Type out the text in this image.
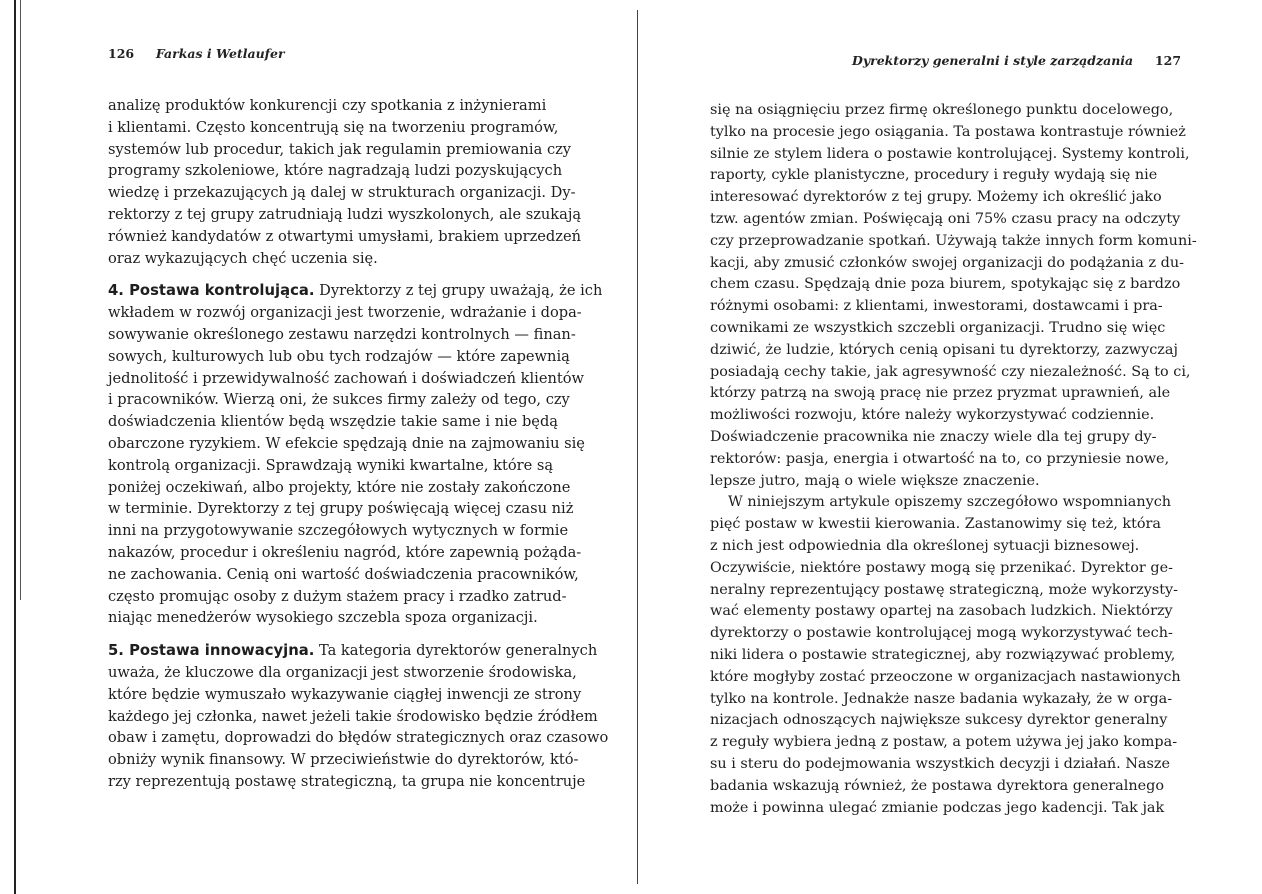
126 Farkas i Wetlaufer
analizę produktów konkurencji czy spotkania z inżynierami
i klientami. Często koncentrują się na tworzeniu programów,
systemów lub procedur, takich jak regulamin premiowania czy
programy szkoleniowe, które nagradzają ludzi pozyskujących
wiedzę i przekazujących ją dalej w strukturach organizacji. Dy-
rektorzy z tej grupy zatrudniają ludzi wyszkolonych, ale szukają
również kandydatów z otwartymi umysłami, brakiem uprzedzeń
oraz wykazujących chęć uczenia się.
4. Postawa kontrolująca. Dyrektorzy z tej grupy uważają, że ich
wkładem w rozwój organizacji jest tworzenie, wdrażanie i dopa-
sowywanie określonego zestawu narzędzi kontrolnych — finan-
sowych, kulturowych lub obu tych rodzajów — które zapewnią
jednolitość i przewidywalność zachowań i doświadczeń klientów
i pracowników. Wierzą oni, że sukces firmy zależy od tego, czy
doświadczenia klientów będą wszędzie takie same i nie będą
obarczone ryzykiem. W efekcie spędzają dnie na zajmowaniu się
kontrolą organizacji. Sprawdzają wyniki kwartalne, które są
poniżej oczekiwań, albo projekty, które nie zostały zakończone
w terminie. Dyrektorzy z tej grupy poświęcają więcej czasu niż
inni na przygotowywanie szczegółowych wytycznych w formie
nakazów, procedur i określeniu nagród, które zapewnią pożąda-
ne zachowania. Cenią oni wartość doświadczenia pracowników,
często promując osoby z dużym stażem pracy i rzadko zatrud-
niając menedżerów wysokiego szczebla spoza organizacji.
5. Postawa innowacyjna. Ta kategoria dyrektorów generalnych
uważa, że kluczowe dla organizacji jest stworzenie środowiska,
które będzie wymuszało wykazywanie ciągłej inwencji ze strony
każdego jej członka, nawet jeżeli takie środowisko będzie źródłem
obaw i zamętu, doprowadzi do błędów strategicznych oraz czasowo
obniży wynik finansowy. W przeciwieństwie do dyrektorów, któ-
rzy reprezentują postawę strategiczną, ta grupa nie koncentruje
Dyrektorzy generalni i style zarządzania 127
się na osiągnięciu przez firmę określonego punktu docelowego,
tylko na procesie jego osiągania. Ta postawa kontrastuje również
silnie ze stylem lidera o postawie kontrolującej. Systemy kontroli,
raporty, cykle planistyczne, procedury i reguły wydają się nie
interesować dyrektorów z tej grupy. Możemy ich określić jako
tzw. agentów zmian. Poświęcają oni 75% czasu pracy na odczyty
czy przeprowadzanie spotkań. Używają także innych form komuni-
kacji, aby zmusić członków swojej organizacji do podążania z du-
chem czasu. Spędzają dnie poza biurem, spotykając się z bardzo
różnymi osobami: z klientami, inwestorami, dostawcami i pra-
cownikami ze wszystkich szczebli organizacji. Trudno się więc
dziwić, że ludzie, których cenią opisani tu dyrektorzy, zazwyczaj
posiadają cechy takie, jak agresywność czy niezależność. Są to ci,
którzy patrzą na swoją pracę nie przez pryzmat uprawnień, ale
możliwości rozwoju, które należy wykorzystywać codziennie.
Doświadczenie pracownika nie znaczy wiele dla tej grupy dy-
rektorów: pasja, energia i otwartość na to, co przyniesie nowe,
lepsze jutro, mają o wiele większe znaczenie.
W niniejszym artykule opiszemy szczegółowo wspomnianych
pięć postaw w kwestii kierowania. Zastanowimy się też, która
z nich jest odpowiednia dla określonej sytuacji biznesowej.
Oczywiście, niektóre postawy mogą się przenikać. Dyrektor ge-
neralny reprezentujący postawę strategiczną, może wykorzysty-
wać elementy postawy opartej na zasobach ludzkich. Niektórzy
dyrektorzy o postawie kontrolującej mogą wykorzystywać tech-
niki lidera o postawie strategicznej, aby rozwiązywać problemy,
które mogłyby zostać przeoczone w organizacjach nastawionych
tylko na kontrole. Jednakże nasze badania wykazały, że w orga-
nizacjach odnoszących największe sukcesy dyrektor generalny
z reguły wybiera jedną z postaw, a potem używa jej jako kompa-
su i steru do podejmowania wszystkich decyzji i działań. Nasze
badania wskazują również, że postawa dyrektora generalnego
może i powinna ulegać zmianie podczas jego kadencji. Tak jak
